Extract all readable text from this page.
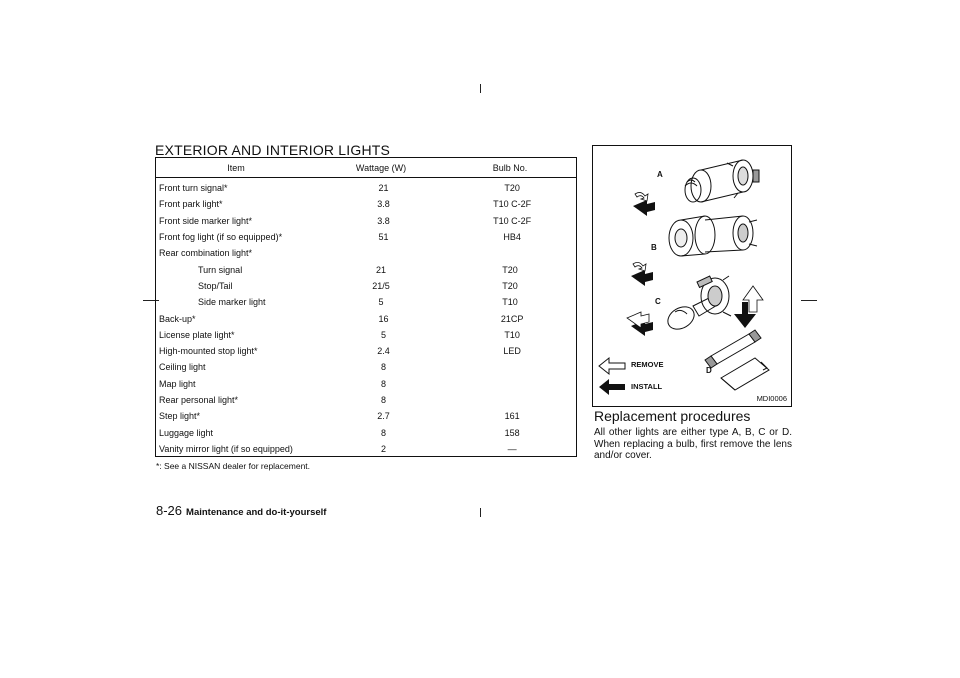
EXTERIOR AND INTERIOR LIGHTS
Item	Wattage (W)	Bulb No.
Front turn signal*	21	T20
Front park light*	3.8	T10 C-2F
Front side marker light*	3.8	T10 C-2F
Front fog light (if so equipped)*	51	HB4
Rear combination light*
Turn signal	21	T20
Stop/Tail	21/5	T20
Side marker light	5	T10
Back-up*	16	21CP
License plate light*	5	T10
High-mounted stop light*	2.4	LED
Ceiling light	8
Map light	8
Rear personal light*	8
Step light*	2.7	161
Luggage light	8	158
Vanity mirror light (if so equipped)	2	—
*: See a NISSAN dealer for replacement.
A
B
C
D
REMOVE
INSTALL
MDI0006
Replacement procedures

All other lights are either type A, B, C or D. When replacing a bulb, first remove the lens and/or cover.

8-26 Maintenance and do-it-yourself
